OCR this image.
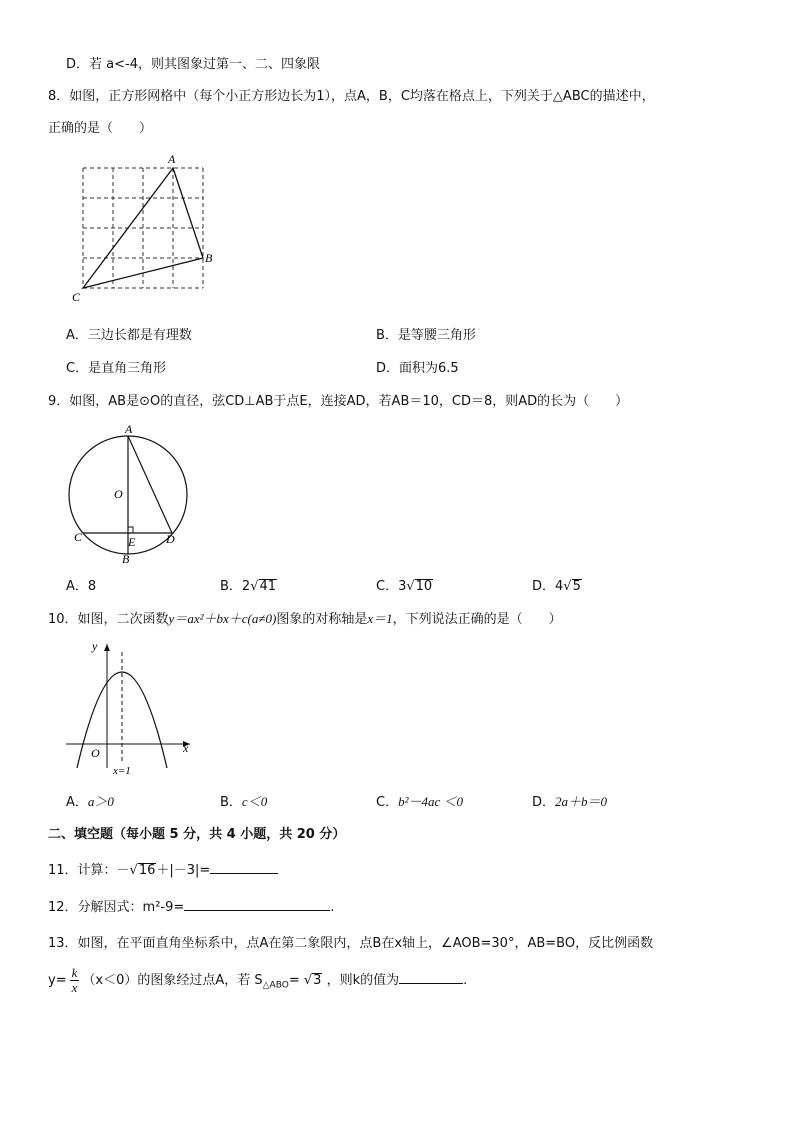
D．若 a<-4，则其图象过第一、二、四象限
8．如图，正方形网格中（每个小正方形边长为1），点A，B，C均落在格点上，下列关于△ABC的描述中，
正确的是（　　）
A
B
C
A．三边长都是有理数	B．是等腰三角形
C．是直角三角形	D．面积为6.5
9．如图，AB是⊙O的直径，弦CD⊥AB于点E，连接AD，若AB＝10，CD＝8，则AD的长为（　　）
A
O
C	E	D
B
A．8	B．2√41	C．3√10	D．4√5
10．如图，二次函数y＝ax²＋bx＋c(a≠0)图象的对称轴是x＝1，下列说法正确的是（　　）
y
x
O
x=1
A．a＞0	B．c＜0	C．b²－4ac ＜0	D．2a＋b＝0
二、填空题（每小题 5 分，共 4 小题，共 20 分）
11．计算：－√16＋|－3|=
12．分解因式：m²-9=	.
13．如图，在平面直角坐标系中，点A在第二象限内，点B在x轴上，∠AOB=30°，AB=BO，反比例函数
$y= \frac{k}{x} (x<0)$的图象经过点A，若 $S_{\triangle ABO}= √3$ ，则k的值为	.
